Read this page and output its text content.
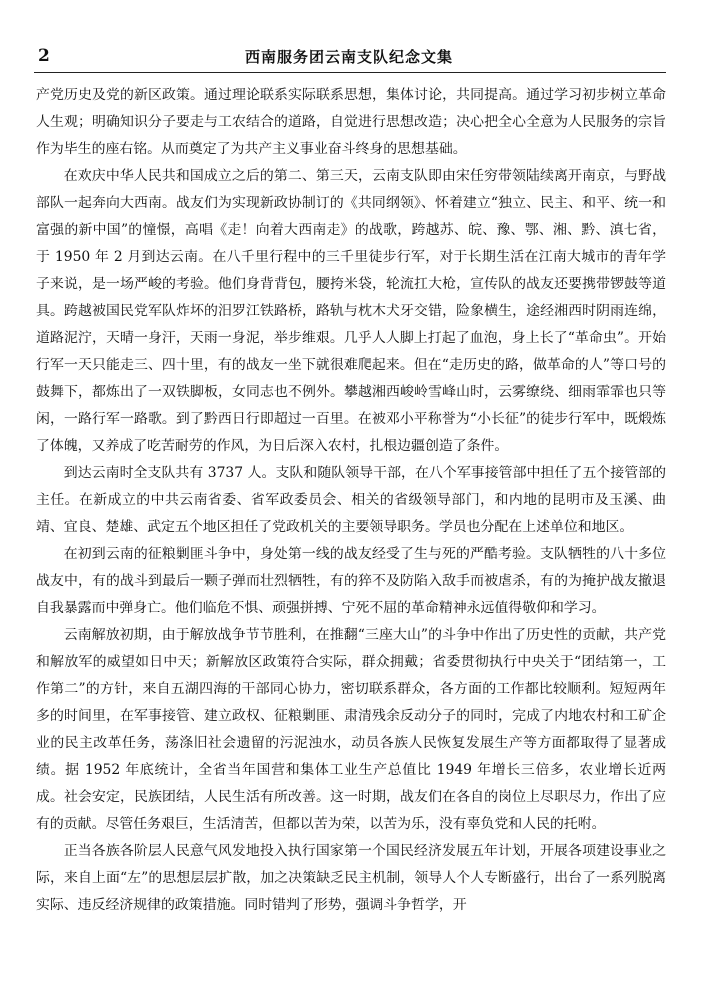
2	西南服务团云南支队纪念文集

产党历史及党的新区政策。通过理论联系实际联系思想，集体讨论，共同提高。通过学习初步树立革命人生观；明确知识分子要走与工农结合的道路，自觉进行思想改造；决心把全心全意为人民服务的宗旨作为毕生的座右铭。从而奠定了为共产主义事业奋斗终身的思想基础。

在欢庆中华人民共和国成立之后的第二、第三天，云南支队即由宋任穷带领陆续离开南京，与野战部队一起奔向大西南。战友们为实现新政协制订的《共同纲领》、怀着建立“独立、民主、和平、统一和富强的新中国”的憧憬，高唱《走！向着大西南走》的战歌，跨越苏、皖、豫、鄂、湘、黔、滇七省，于 1950 年 2 月到达云南。在八千里行程中的三千里徒步行军，对于长期生活在江南大城市的青年学子来说，是一场严峻的考验。他们身背背包，腰挎米袋，轮流扛大枪，宣传队的战友还要携带锣鼓等道具。跨越被国民党军队炸坏的汨罗江铁路桥，路轨与枕木犬牙交错，险象横生，途经湘西时阴雨连绵，道路泥泞，天晴一身汗，天雨一身泥，举步维艰。几乎人人脚上打起了血泡，身上长了“革命虫”。开始行军一天只能走三、四十里，有的战友一坐下就很难爬起来。但在“走历史的路，做革命的人”等口号的鼓舞下，都炼出了一双铁脚板，女同志也不例外。攀越湘西峻岭雪峰山时，云雾缭绕、细雨霏霏也只等闲，一路行军一路歌。到了黔西日行即超过一百里。在被邓小平称誉为“小长征”的徒步行军中，既煅炼了体魄，又养成了吃苦耐劳的作风，为日后深入农村，扎根边疆创造了条件。

到达云南时全支队共有 3737 人。支队和随队领导干部，在八个军事接管部中担任了五个接管部的主任。在新成立的中共云南省委、省军政委员会、相关的省级领导部门，和内地的昆明市及玉溪、曲靖、宜良、楚雄、武定五个地区担任了党政机关的主要领导职务。学员也分配在上述单位和地区。

在初到云南的征粮剿匪斗争中，身处第一线的战友经受了生与死的严酷考验。支队牺牲的八十多位战友中，有的战斗到最后一颗子弹而壮烈牺牲，有的猝不及防陷入敌手而被虐杀，有的为掩护战友撤退自我暴露而中弹身亡。他们临危不惧、顽强拼搏、宁死不屈的革命精神永远值得敬仰和学习。

云南解放初期，由于解放战争节节胜利，在推翻“三座大山”的斗争中作出了历史性的贡献，共产党和解放军的威望如日中天；新解放区政策符合实际，群众拥戴；省委贯彻执行中央关于“团结第一，工作第二”的方针，来自五湖四海的干部同心协力，密切联系群众，各方面的工作都比较顺利。短短两年多的时间里，在军事接管、建立政权、征粮剿匪、肃清残余反动分子的同时，完成了内地农村和工矿企业的民主改革任务，荡涤旧社会遗留的污泥浊水，动员各族人民恢复发展生产等方面都取得了显著成绩。据 1952 年底统计，全省当年国营和集体工业生产总值比 1949 年增长三倍多，农业增长近两成。社会安定，民族团结，人民生活有所改善。这一时期，战友们在各自的岗位上尽职尽力，作出了应有的贡献。尽管任务艰巨，生活清苦，但都以苦为荣，以苦为乐，没有辜负党和人民的托咐。

正当各族各阶层人民意气风发地投入执行国家第一个国民经济发展五年计划，开展各项建设事业之际，来自上面“左”的思想层层扩散，加之决策缺乏民主机制，领导人个人专断盛行，出台了一系列脱离实际、违反经济规律的政策措施。同时错判了形势，强调斗争哲学，开
